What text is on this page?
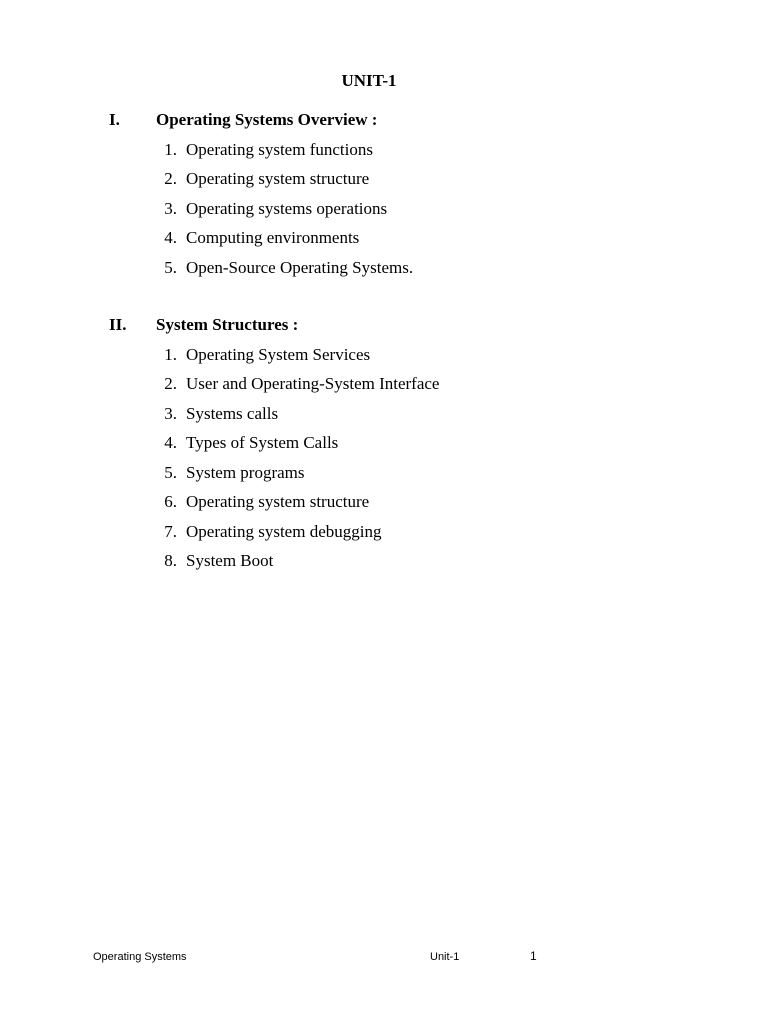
UNIT-1
I. Operating Systems Overview :
1. Operating system functions
2. Operating system structure
3. Operating systems operations
4. Computing environments
5. Open-Source Operating Systems.
II. System Structures :
1. Operating System Services
2. User and Operating-System Interface
3. Systems calls
4. Types of System Calls
5. System programs
6. Operating system structure
7. Operating system debugging
8. System Boot
Operating Systems	Unit-1	1
